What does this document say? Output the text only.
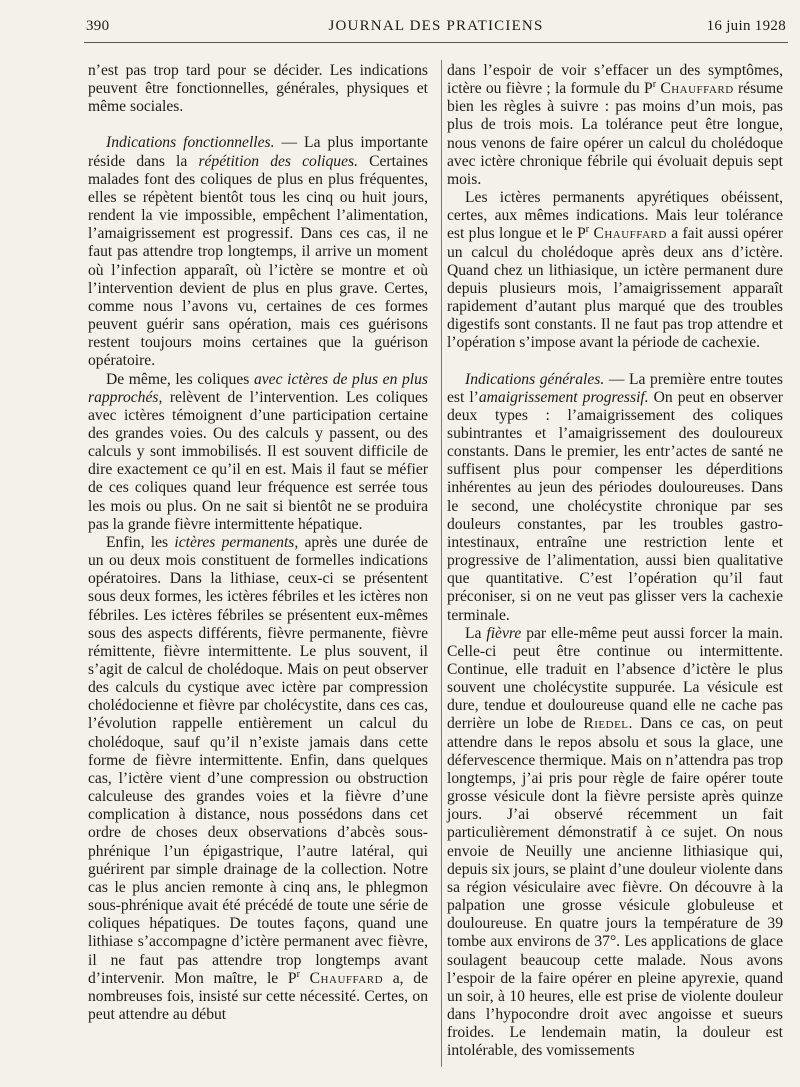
390	JOURNAL DES PRATICIENS	16 juin 1928

n’est pas trop tard pour se décider. Les indications peuvent être fonctionnelles, générales, physiques et même sociales.

Indications fonctionnelles. — La plus importante réside dans la répétition des coliques. Certaines malades font des coliques de plus en plus fréquentes, elles se répètent bientôt tous les cinq ou huit jours, rendent la vie impossible, empêchent l’alimentation, l’amaigrissement est progressif. Dans ces cas, il ne faut pas attendre trop longtemps, il arrive un moment où l’infection apparaît, où l’ictère se montre et où l’intervention devient de plus en plus grave. Certes, comme nous l’avons vu, certaines de ces formes peuvent guérir sans opération, mais ces guérisons restent toujours moins certaines que la guérison opératoire.

De même, les coliques avec ictères de plus en plus rapprochés, relèvent de l’intervention. Les coliques avec ictères témoignent d’une participation certaine des grandes voies. Ou des calculs y passent, ou des calculs y sont immobilisés. Il est souvent difficile de dire exactement ce qu’il en est. Mais il faut se méfier de ces coliques quand leur fréquence est serrée tous les mois ou plus. On ne sait si bientôt ne se produira pas la grande fièvre intermittente hépatique.

Enfin, les ictères permanents, après une durée de un ou deux mois constituent de formelles indications opératoires. Dans la lithiase, ceux-ci se présentent sous deux formes, les ictères fébriles et les ictères non fébriles. Les ictères fébriles se présentent eux-mêmes sous des aspects différents, fièvre permanente, fièvre rémittente, fièvre intermittente. Le plus souvent, il s’agit de calcul de cholédoque. Mais on peut observer des calculs du cystique avec ictère par compression cholédocienne et fièvre par cholécystite, dans ces cas, l’évolution rappelle entièrement un calcul du cholédoque, sauf qu’il n’existe jamais dans cette forme de fièvre intermittente. Enfin, dans quelques cas, l’ictère vient d’une compression ou obstruction calculeuse des grandes voies et la fièvre d’une complication à distance, nous possédons dans cet ordre de choses deux observations d’abcès sous-phrénique l’un épigastrique, l’autre latéral, qui guérirent par simple drainage de la collection. Notre cas le plus ancien remonte à cinq ans, le phlegmon sous-phrénique avait été précédé de toute une série de coliques hépatiques. De toutes façons, quand une lithiase s’accompagne d’ictère permanent avec fièvre, il ne faut pas attendre trop longtemps avant d’intervenir. Mon maître, le $P^r$ Chauffard a, de nombreuses fois, insisté sur cette nécessité. Certes, on peut attendre au début

dans l’espoir de voir s’effacer un des symptômes, ictère ou fièvre ; la formule du $P^r$ Chauffard résume bien les règles à suivre : pas moins d’un mois, pas plus de trois mois. La tolérance peut être longue, nous venons de faire opérer un calcul du cholédoque avec ictère chronique fébrile qui évoluait depuis sept mois.

Les ictères permanents apyrétiques obéissent, certes, aux mêmes indications. Mais leur tolérance est plus longue et le $P^r$ Chauffard a fait aussi opérer un calcul du cholédoque après deux ans d’ictère. Quand chez un lithiasique, un ictère permanent dure depuis plusieurs mois, l’amaigrissement apparaît rapidement d’autant plus marqué que des troubles digestifs sont constants. Il ne faut pas trop attendre et l’opération s’impose avant la période de cachexie.

Indications générales. — La première entre toutes est l’amaigrissement progressif. On peut en observer deux types : l’amaigrissement des coliques subintrantes et l’amaigrissement des douloureux constants. Dans le premier, les entr’actes de santé ne suffisent plus pour compenser les déperditions inhérentes au jeun des périodes douloureuses. Dans le second, une cholécystite chronique par ses douleurs constantes, par les troubles gastro-intestinaux, entraîne une restriction lente et progressive de l’alimentation, aussi bien qualitative que quantitative. C’est l’opération qu’il faut préconiser, si on ne veut pas glisser vers la cachexie terminale.

La fièvre par elle-même peut aussi forcer la main. Celle-ci peut être continue ou intermittente. Continue, elle traduit en l’absence d’ictère le plus souvent une cholécystite suppurée. La vésicule est dure, tendue et douloureuse quand elle ne cache pas derrière un lobe de Riedel. Dans ce cas, on peut attendre dans le repos absolu et sous la glace, une défervescence thermique. Mais on n’attendra pas trop longtemps, j’ai pris pour règle de faire opérer toute grosse vésicule dont la fièvre persiste après quinze jours. J’ai observé récemment un fait particulièrement démonstratif à ce sujet. On nous envoie de Neuilly une ancienne lithiasique qui, depuis six jours, se plaint d’une douleur violente dans sa région vésiculaire avec fièvre. On découvre à la palpation une grosse vésicule globuleuse et douloureuse. En quatre jours la température de 39 tombe aux environs de 37°. Les applications de glace soulagent beaucoup cette malade. Nous avons l’espoir de la faire opérer en pleine apyrexie, quand un soir, à 10 heures, elle est prise de violente douleur dans l’hypocondre droit avec angoisse et sueurs froides. Le lendemain matin, la douleur est intolérable, des vomissements
